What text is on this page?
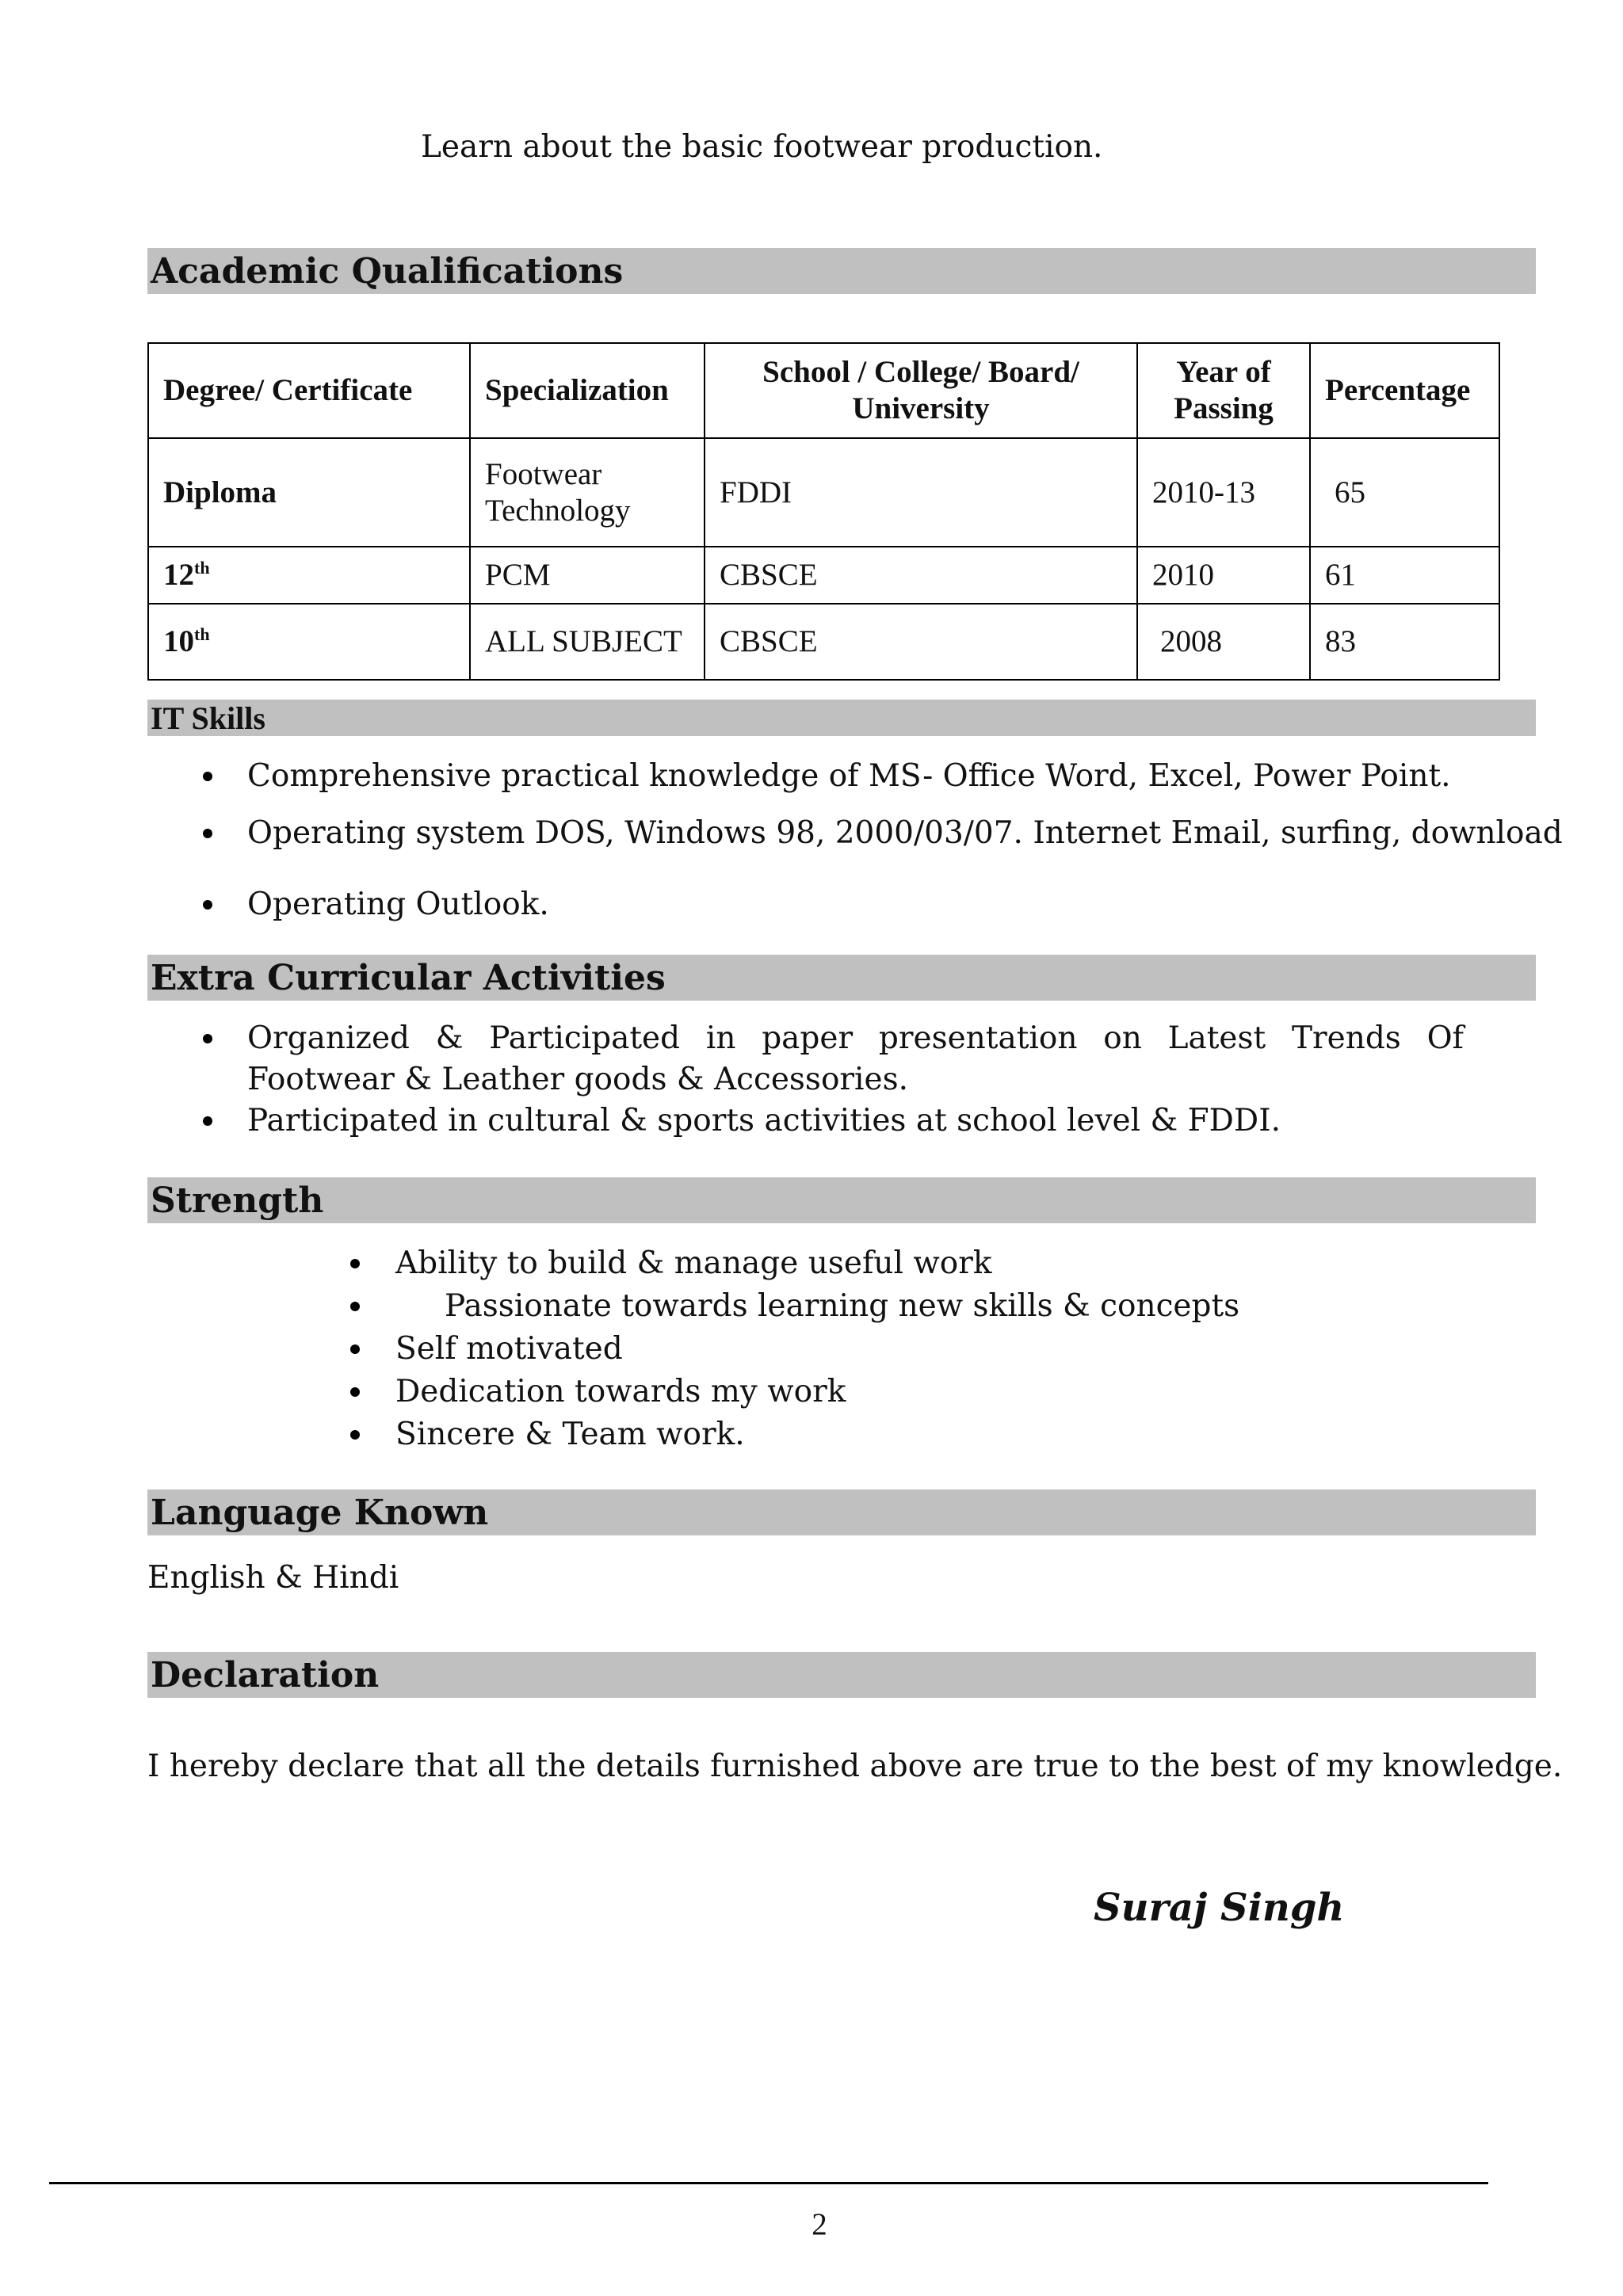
Learn about the basic footwear production.
Academic Qualifications
Degree/ Certificate	Specialization	School / College/ Board/ University	Year of Passing	Percentage
Diploma	Footwear Technology	FDDI	2010-13	65
12th	PCM	CBSCE	2010	61
10th	ALL SUBJECT	CBSCE	2008	83
IT Skills
Comprehensive practical knowledge of MS- Office Word, Excel, Power Point.
Operating system DOS, Windows 98, 2000/03/07. Internet Email, surfing, download
Operating Outlook.
Extra Curricular Activities
Organized & Participated in paper presentation on Latest Trends Of Footwear & Leather goods & Accessories.
Participated in cultural & sports activities at school level & FDDI.
Strength
Ability to build & manage useful work
Passionate towards learning new skills & concepts
Self motivated
Dedication towards my work
Sincere & Team work.
Language Known
English & Hindi
Declaration
I hereby declare that all the details furnished above are true to the best of my knowledge.
Suraj Singh
2
